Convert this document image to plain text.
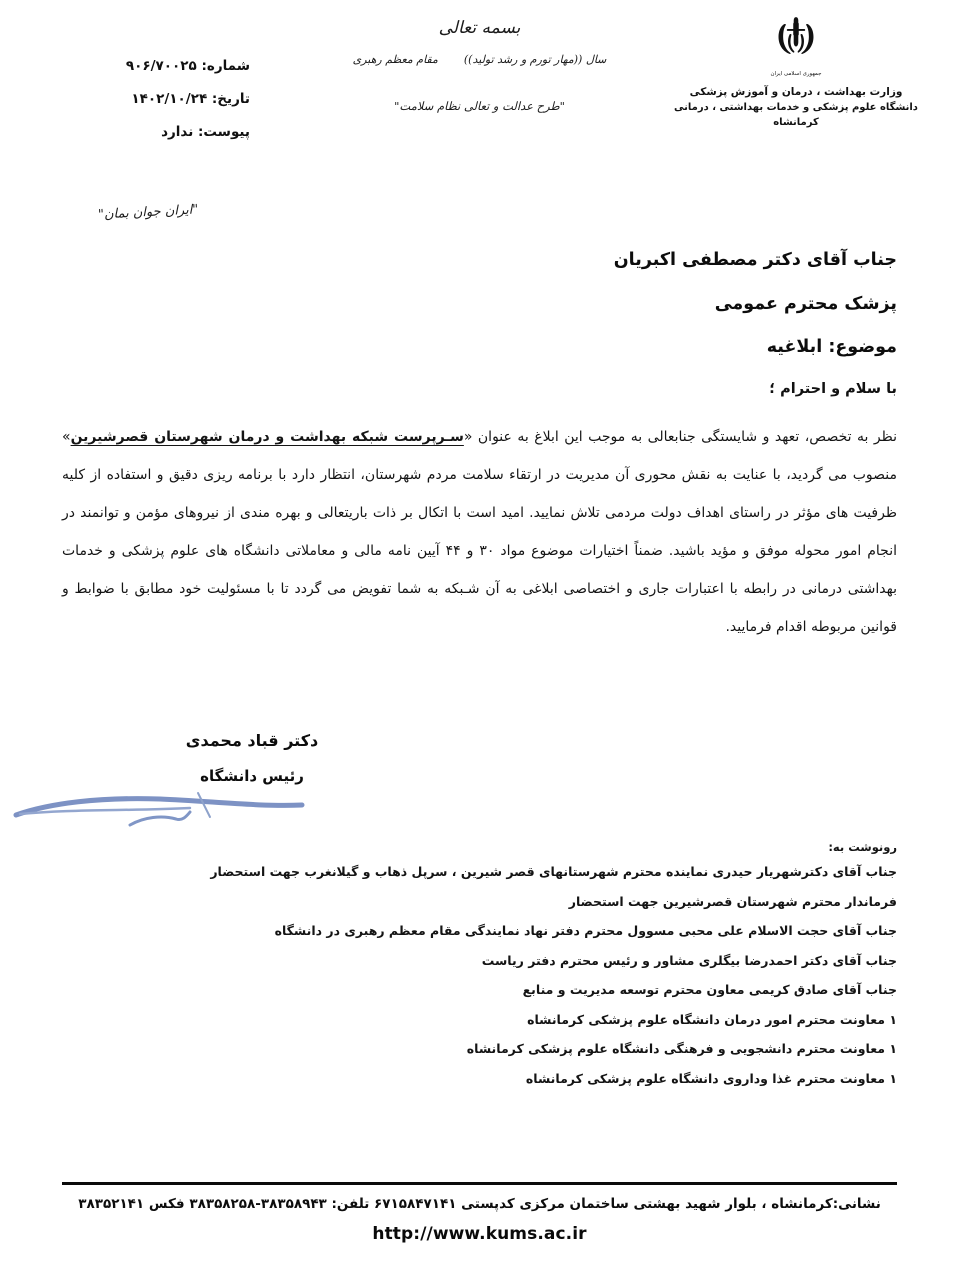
جمهوری اسلامی ایران
وزارت بهداشت ، درمان و آموزش پزشکی
دانشگاه علوم پزشکی و خدمات بهداشتی ، درمانی کرمانشاه
بسمه تعالی
سال ((مهار تورم و رشد تولید))
مقام معظم رهبری
"طرح عدالت و تعالی نظام سلامت"
شماره: ۹۰۶/۷۰۰۲۵
تاریخ: ۱۴۰۲/۱۰/۲۴
پیوست: ندارد
"ایران جوان بمان"
جناب آقای دکتر مصطفی اکبریان
پزشک محترم عمومی
موضوع: ابلاغیه
با سلام و احترام ؛

نظر به تخصص، تعهد و شایستگی جنابعالی به موجب این ابلاغ به عنوان «سـرپرست شبکه بهداشت و درمان شهرستان قصرشیرین» منصوب می گردید، با عنایت به نقش محوری آن مدیریت در ارتقاء سلامت مردم شهرستان، انتظار دارد با برنامه ریزی دقیق و استفاده از کلیه ظرفیت های مؤثر در راستای اهداف دولت مردمی تلاش نمایید. امید است با اتکال بر ذات باریتعالی و بهره مندی از نیروهای مؤمن و توانمند در انجام امور محوله موفق و مؤید باشید. ضمناً اختیارات موضوع مواد ۳۰ و ۴۴ آیین نامه مالی و معاملاتی دانشگاه های علوم پزشکی و خدمات بهداشتی درمانی در رابطه با اعتبارات جاری و اختصاصی ابلاغی به آن شـبکه به شما تفویض می گردد تا با مسئولیت خود مطابق با ضوابط و قوانین مربوطه اقدام فرمایید.

دکتر قباد محمدی
رئیس دانشگاه
رونوشت به:
جناب آقای دکترشهریار حیدری نماینده محترم شهرستانهای قصر شیرین ، سرپل ذهاب و گیلانغرب جهت استحضار
فرماندار محترم شهرستان قصرشیرین جهت استحضار
جناب آقای حجت الاسلام علی محبی مسوول محترم دفتر نهاد نمایندگی مقام معظم رهبری در دانشگاه
جناب آقای دکتر احمدرضا بیگلری مشاور و رئیس محترم دفتر ریاست
جناب آقای صادق کریمی معاون محترم توسعه مدیریت و منابع
۱ معاونت محترم امور درمان دانشگاه علوم پزشکی کرمانشاه
۱ معاونت محترم دانشجویی و فرهنگی دانشگاه علوم پزشکی کرمانشاه
۱ معاونت محترم غذا وداروی دانشگاه علوم پزشکی کرمانشاه
نشانی:کرمانشاه ، بلوار شهید بهشتی ساختمان مرکزی کدپستی ۶۷۱۵۸۴۷۱۴۱ تلفن: ۳۸۳۵۸۹۴۳-۳۸۳۵۸۲۵۸ فکس ۳۸۳۵۲۱۴۱
http://www.kums.ac.ir
